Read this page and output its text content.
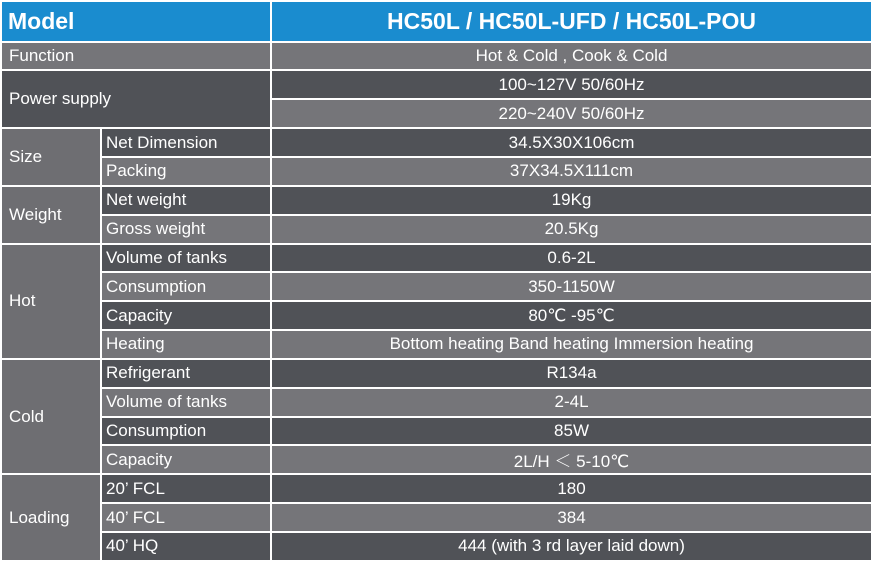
Model		HC50L / HC50L-UFD / HC50L-POU
Function		Hot & Cold , Cook & Cold
Power supply		100~127V 50/60Hz
		220~240V 50/60Hz
Size	Net Dimension	34.5X30X106cm
	Packing	37X34.5X111cm
Weight	Net weight	19Kg
	Gross weight	20.5Kg
Hot	Volume of tanks	0.6-2L
	Consumption	350-1150W
	Capacity	80℃ -95℃
	Heating	Bottom heating Band heating Immersion heating
Cold	Refrigerant	R134a
	Volume of tanks	2-4L
	Consumption	85W
	Capacity	2L/H ＜ 5-10℃
Loading	20’ FCL	180
	40’ FCL	384
	40’ HQ	444 (with 3 rd layer laid down)
